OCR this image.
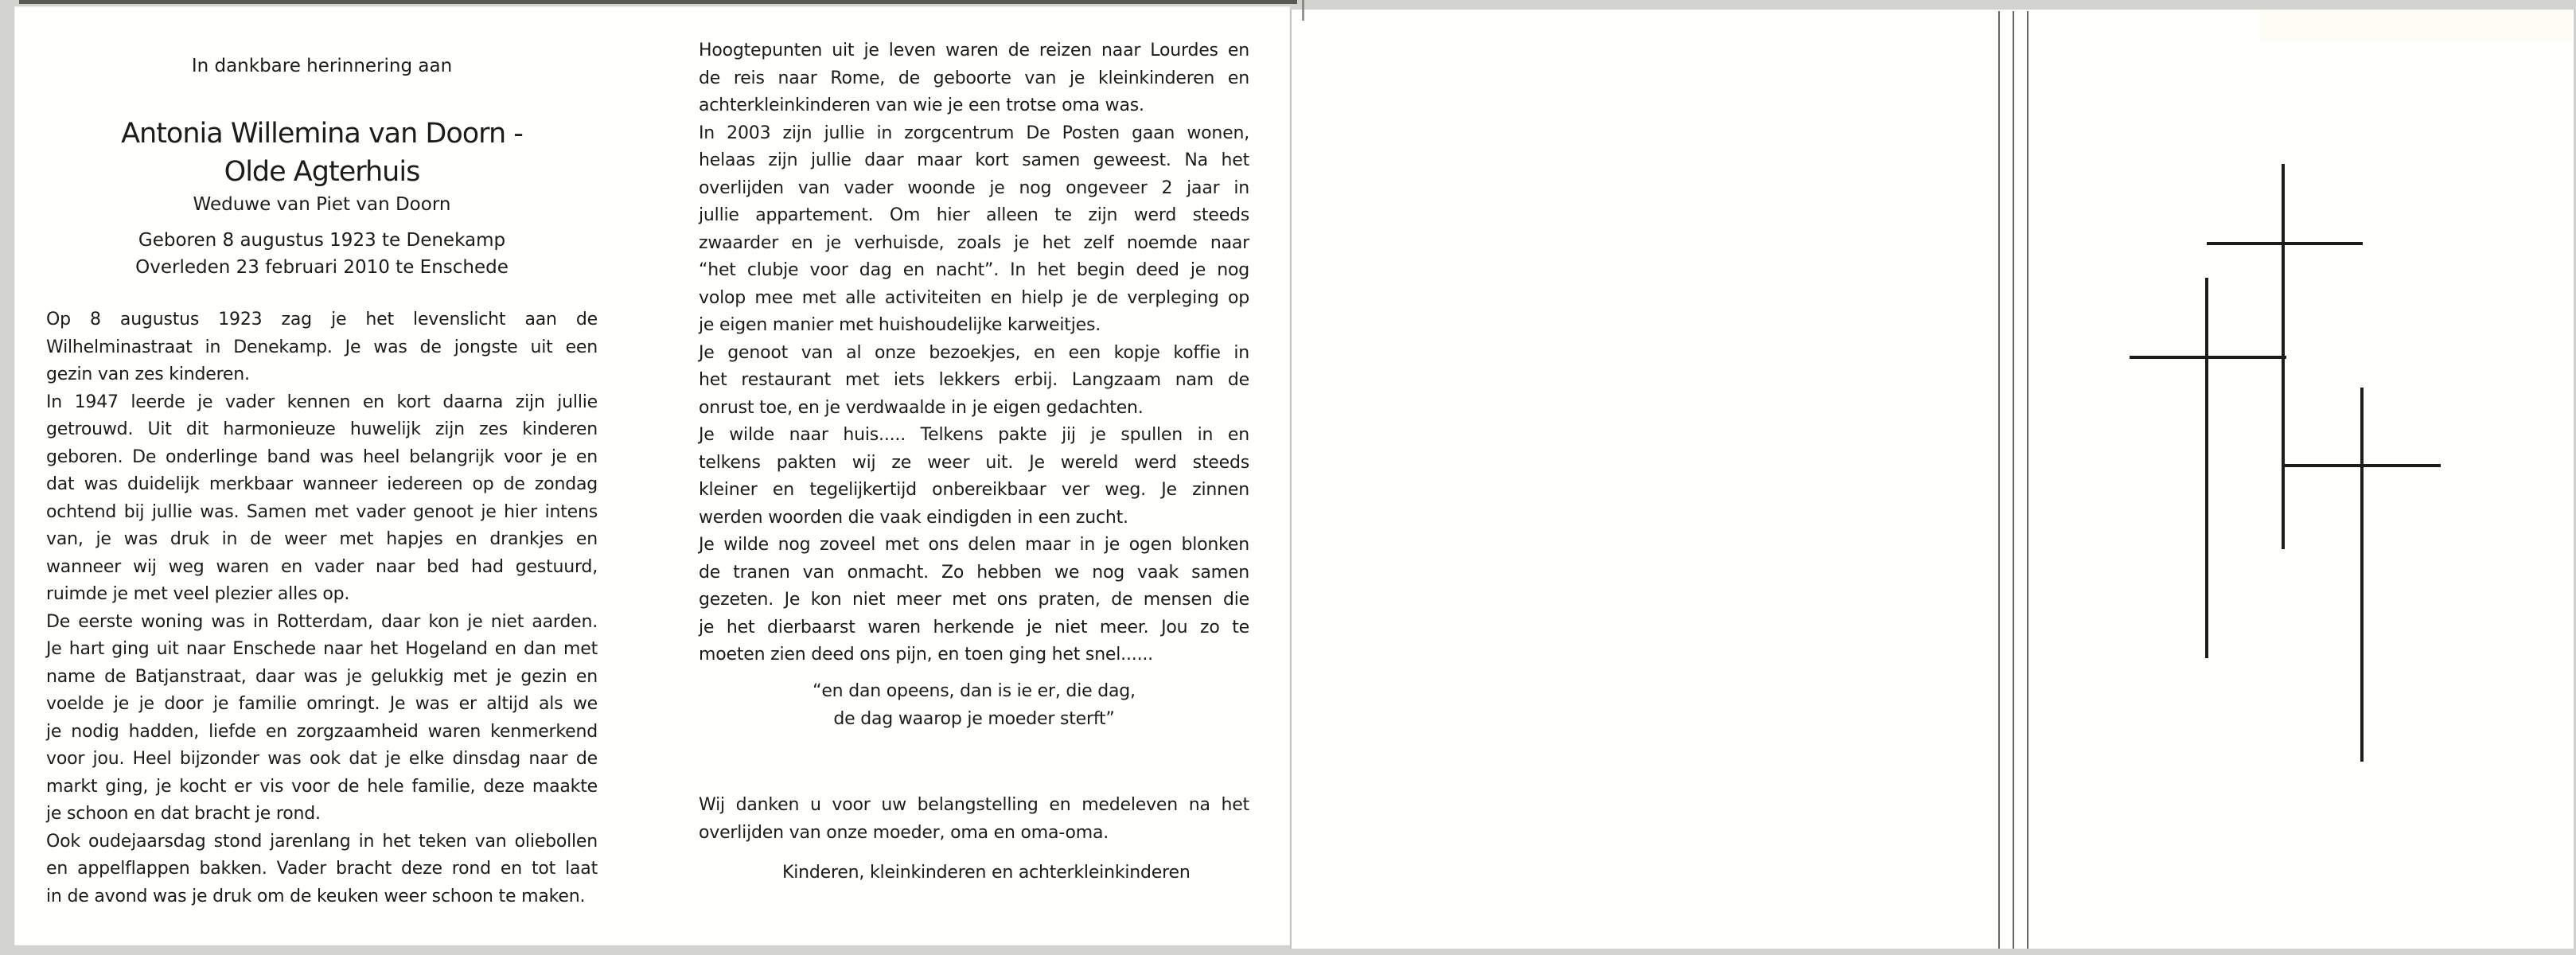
In dankbare herinnering aan
Antonia Willemina van Doorn -
Olde Agterhuis
Weduwe van Piet van Doorn
Geboren 8 augustus 1923 te Denekamp
Overleden 23 februari 2010 te Enschede
Op 8 augustus 1923 zag je het levenslicht aan de
Wilhelminastraat in Denekamp. Je was de jongste uit een
gezin van zes kinderen.
In 1947 leerde je vader kennen en kort daarna zijn jullie
getrouwd. Uit dit harmonieuze huwelijk zijn zes kinderen
geboren. De onderlinge band was heel belangrijk voor je en
dat was duidelijk merkbaar wanneer iedereen op de zondag
ochtend bij jullie was. Samen met vader genoot je hier intens
van, je was druk in de weer met hapjes en drankjes en
wanneer wij weg waren en vader naar bed had gestuurd,
ruimde je met veel plezier alles op.
De eerste woning was in Rotterdam, daar kon je niet aarden.
Je hart ging uit naar Enschede naar het Hogeland en dan met
name de Batjanstraat, daar was je gelukkig met je gezin en
voelde je je door je familie omringt. Je was er altijd als we
je nodig hadden, liefde en zorgzaamheid waren kenmerkend
voor jou. Heel bijzonder was ook dat je elke dinsdag naar de
markt ging, je kocht er vis voor de hele familie, deze maakte
je schoon en dat bracht je rond.
Ook oudejaarsdag stond jarenlang in het teken van oliebollen
en appelflappen bakken. Vader bracht deze rond en tot laat
in de avond was je druk om de keuken weer schoon te maken.
Hoogtepunten uit je leven waren de reizen naar Lourdes en
de reis naar Rome, de geboorte van je kleinkinderen en
achterkleinkinderen van wie je een trotse oma was.
In 2003 zijn jullie in zorgcentrum De Posten gaan wonen,
helaas zijn jullie daar maar kort samen geweest. Na het
overlijden van vader woonde je nog ongeveer 2 jaar in
jullie appartement. Om hier alleen te zijn werd steeds
zwaarder en je verhuisde, zoals je het zelf noemde naar
“het clubje voor dag en nacht”. In het begin deed je nog
volop mee met alle activiteiten en hielp je de verpleging op
je eigen manier met huishoudelijke karweitjes.
Je genoot van al onze bezoekjes, en een kopje koffie in
het restaurant met iets lekkers erbij. Langzaam nam de
onrust toe, en je verdwaalde in je eigen gedachten.
Je wilde naar huis..... Telkens pakte jij je spullen in en
telkens pakten wij ze weer uit. Je wereld werd steeds
kleiner en tegelijkertijd onbereikbaar ver weg. Je zinnen
werden woorden die vaak eindigden in een zucht.
Je wilde nog zoveel met ons delen maar in je ogen blonken
de tranen van onmacht. Zo hebben we nog vaak samen
gezeten. Je kon niet meer met ons praten, de mensen die
je het dierbaarst waren herkende je niet meer. Jou zo te
moeten zien deed ons pijn, en toen ging het snel......
“en dan opeens, dan is ie er, die dag,
de dag waarop je moeder sterft”
Wij danken u voor uw belangstelling en medeleven na het
overlijden van onze moeder, oma en oma-oma.
Kinderen, kleinkinderen en achterkleinkinderen
